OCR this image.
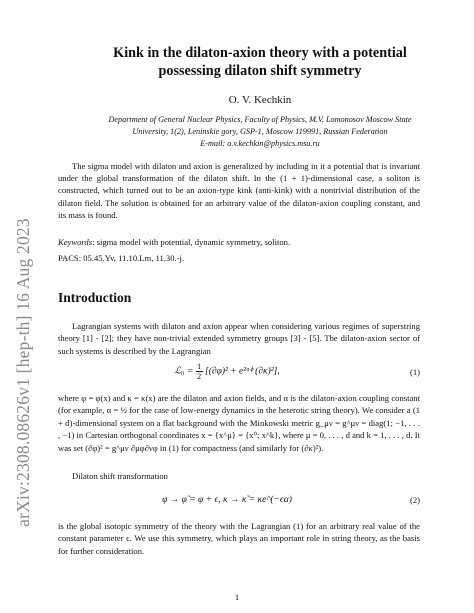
arXiv:2308.08626v1 [hep-th] 16 Aug 2023
Kink in the dilaton-axion theory with a potential
possessing dilaton shift symmetry
O. V. Kechkin
Department of General Nuclear Physics, Faculty of Physics, M.V. Lomonosov Moscow State
University, 1(2), Leninskie gory, GSP-1, Moscow 119991, Russian Federation
E-mail: o.v.kechkin@physics.msu.ru

The sigma model with dilaton and axion is generalized by including in it a potential that is invariant under the global transformation of the dilaton shift. In the (1 + 1)-dimensional case, a soliton is constructed, which turned out to be an axion-type kink (anti-kink) with a nontrivial distribution of the dilaton field. The solution is obtained for an arbitrary value of the dilaton-axion coupling constant, and its mass is found.

Keywords: sigma model with potential, dynamic symmetry, soliton.
PACS: 05.45.Yv, 11.10.Lm, 11.30.-j.
Introduction

Lagrangian systems with dilaton and axion appear when considering various regimes of superstring theory [1] - [2]; they have non-trivial extended symmetry groups [3] - [5]. The dilaton-axion sector of such systems is described by the Lagrangian

ℒ₀ = $\frac{1}{2} [(\partial\varphi)^2$ + e²ᵅᶲ (∂κ)²],	(1)

where φ = φ(x) and κ = κ(x) are the dilaton and axion fields, and α is the dilaton-axion coupling constant (for example, α = ½ for the case of low-energy dynamics in the heterotic string theory). We consider a (1 + d)-dimensional system on a flat background with the Minkowski metric g_μν = g^μν = diag(1; −1, . . . , −1) in Cartesian orthogonal coordinates x = {x^μ} = {x⁰; x^k}, where μ = 0, . . . , d and k = 1, . . . , d. It was set (∂φ)² = g^μν ∂μφ∂νφ in (1) for compactness (and similarly for (∂κ)²).

Dilaton shift transformation

φ → φ̃ = φ + ϵ, κ → κ̃ = κe^(−ϵα)	(2)

is the global isotopic symmetry of the theory with the Lagrangian (1) for an arbitrary real value of the constant parameter ϵ. We use this symmetry, which plays an important role in string theory, as the basis for further consideration.

1
